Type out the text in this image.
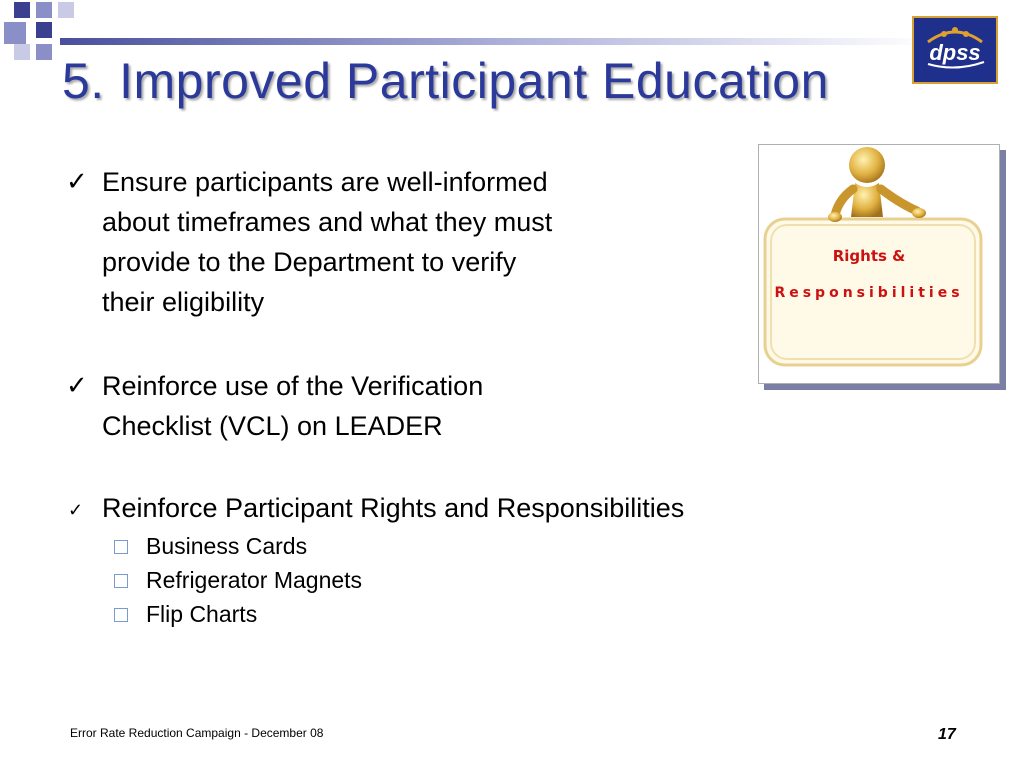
5. Improved Participant Education
dpss
✓ Ensure participants are well-informed
about timeframes and what they must
provide to the Department to verify
their eligibility
✓ Reinforce use of the Verification
Checklist (VCL) on LEADER
✓ Reinforce Participant Rights and Responsibilities
Business Cards
Refrigerator Magnets
Flip Charts
Rights &
Responsibilities
Error Rate Reduction Campaign - December 08	17
